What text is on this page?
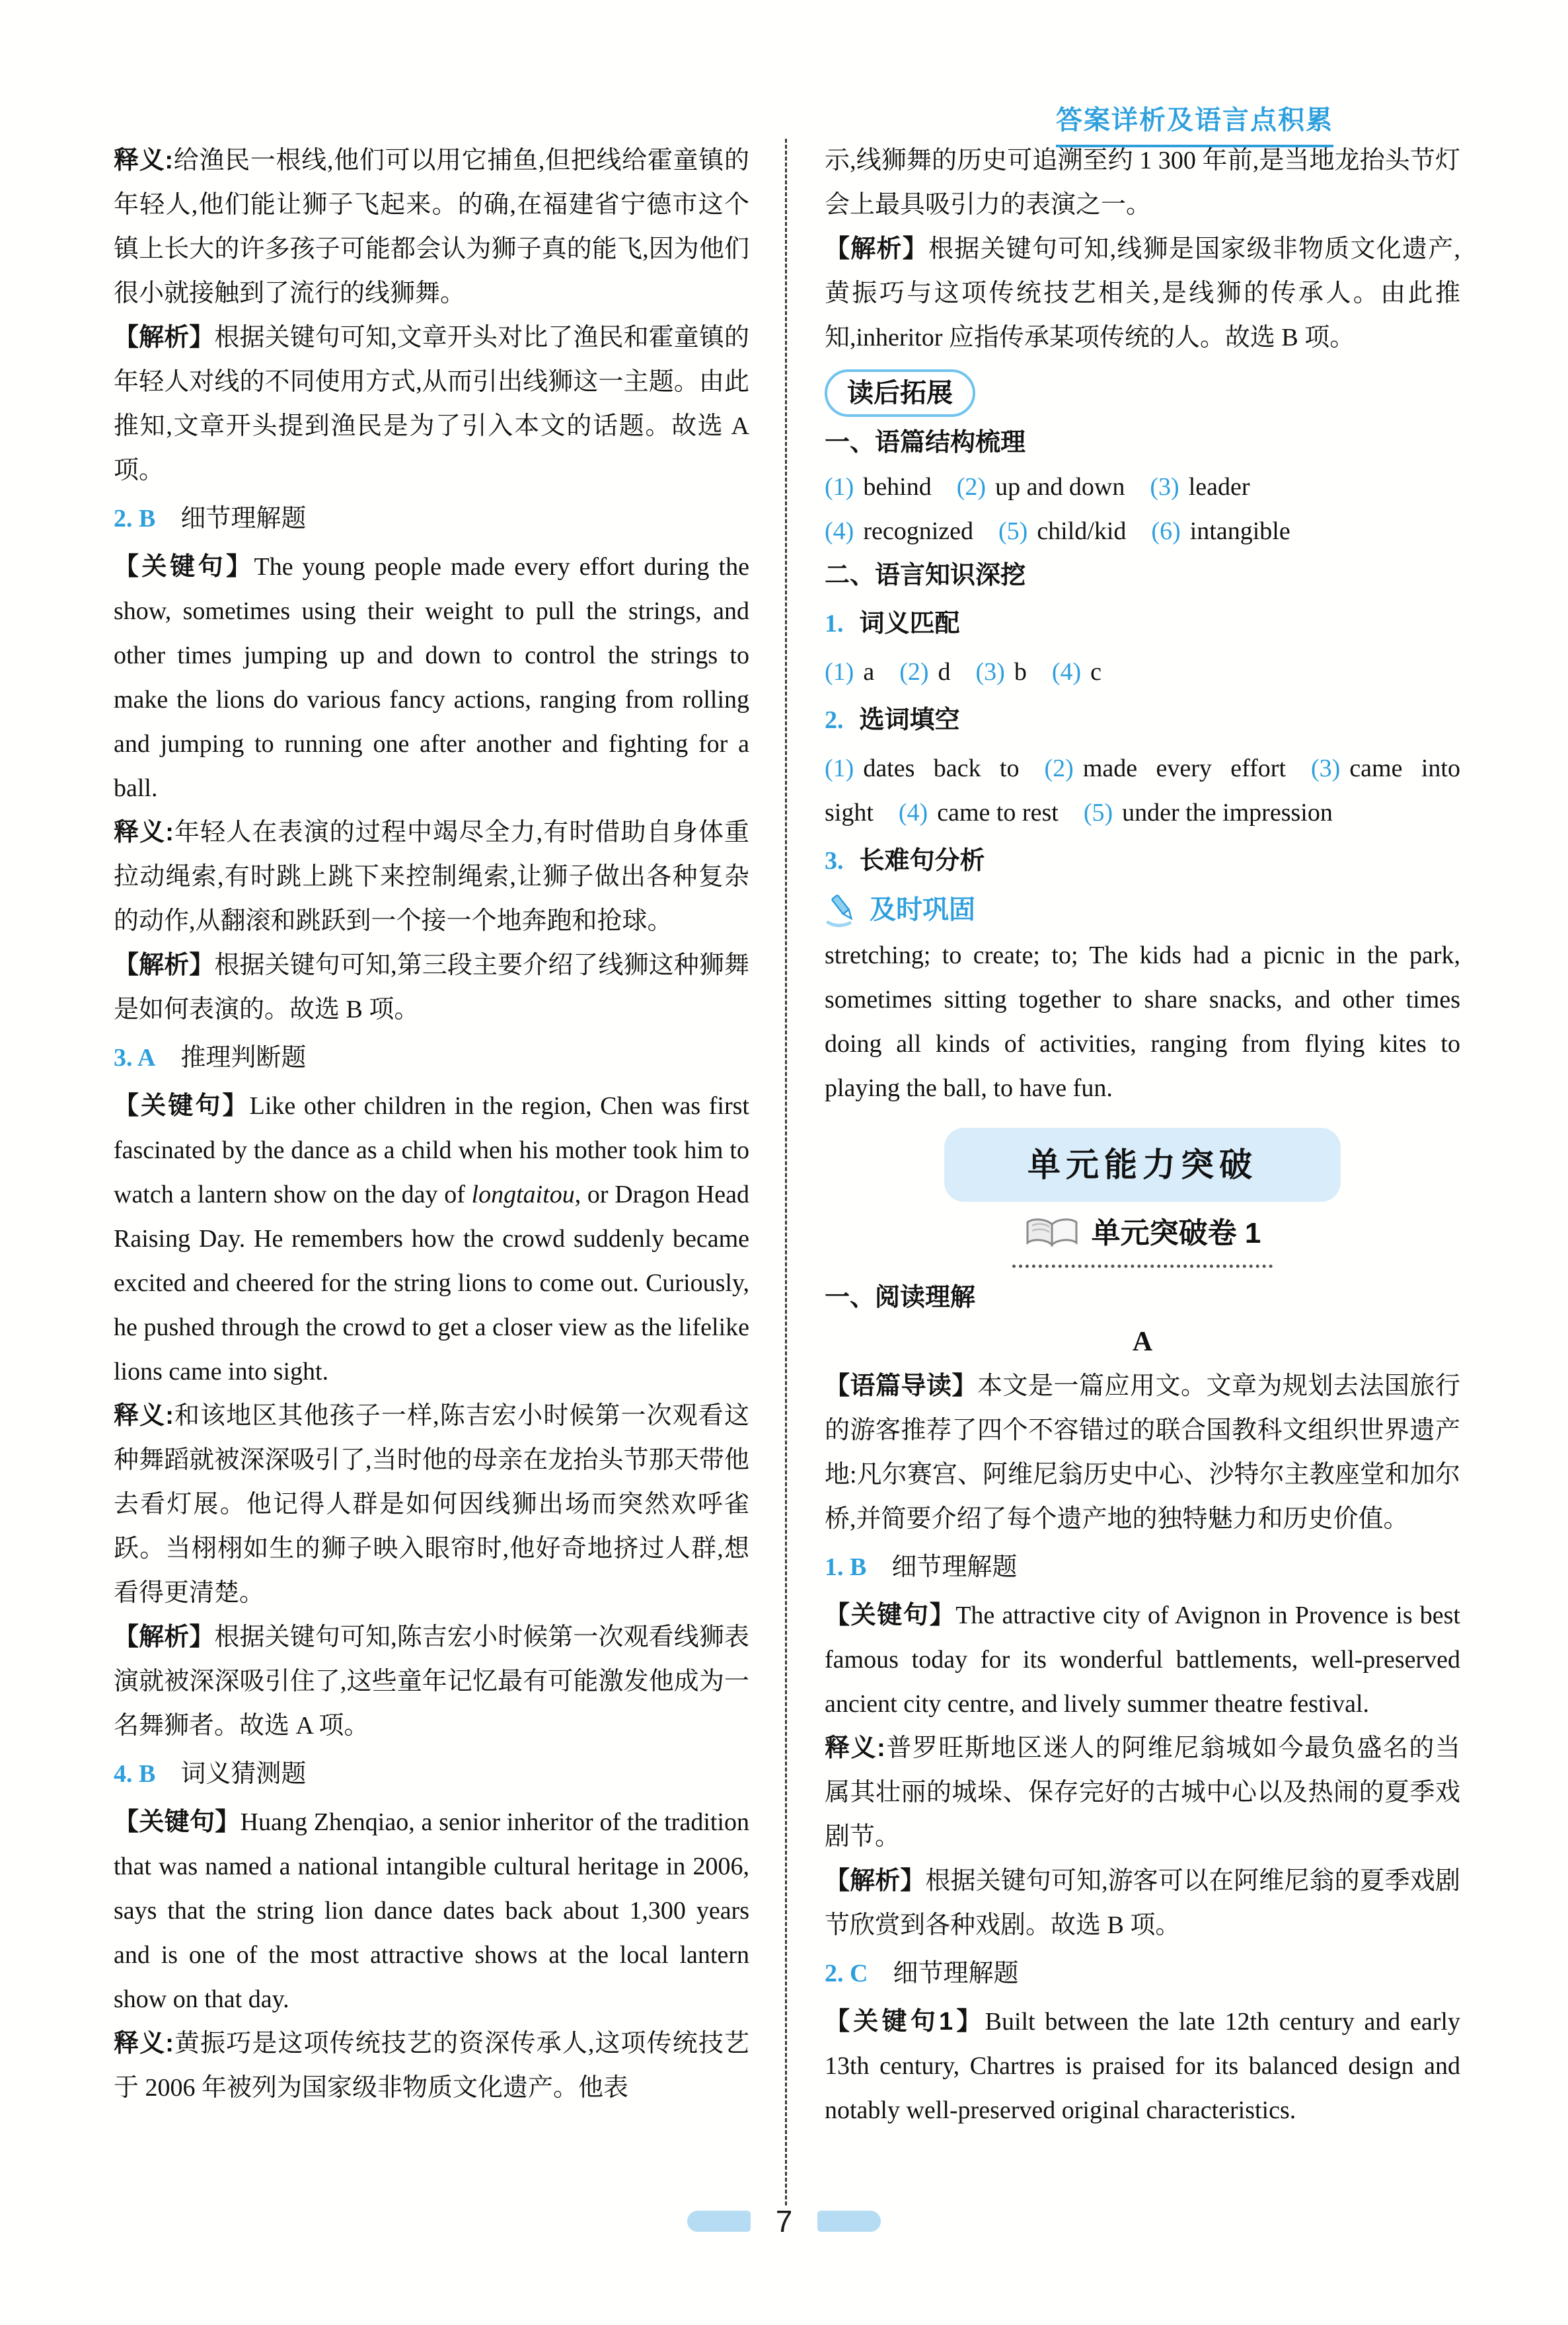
答案详析及语言点积累

释义:给渔民一根线,他们可以用它捕鱼,但把线给霍童镇的年轻人,他们能让狮子飞起来。的确,在福建省宁德市这个镇上长大的许多孩子可能都会认为狮子真的能飞,因为他们很小就接触到了流行的线狮舞。

【解析】根据关键句可知,文章开头对比了渔民和霍童镇的年轻人对线的不同使用方式,从而引出线狮这一主题。由此推知,文章开头提到渔民是为了引入本文的话题。故选 A 项。

2. B 细节理解题

【关键句】The young people made every effort during the show, sometimes using their weight to pull the strings, and other times jumping up and down to control the strings to make the lions do various fancy actions, ranging from rolling and jumping to running one after another and fighting for a ball.

释义:年轻人在表演的过程中竭尽全力,有时借助自身体重拉动绳索,有时跳上跳下来控制绳索,让狮子做出各种复杂的动作,从翻滚和跳跃到一个接一个地奔跑和抢球。

【解析】根据关键句可知,第三段主要介绍了线狮这种狮舞是如何表演的。故选 B 项。

3. A 推理判断题

【关键句】Like other children in the region, Chen was first fascinated by the dance as a child when his mother took him to watch a lantern show on the day of longtaitou, or Dragon Head Raising Day. He remembers how the crowd suddenly became excited and cheered for the string lions to come out. Curiously, he pushed through the crowd to get a closer view as the lifelike lions came into sight.

释义:和该地区其他孩子一样,陈吉宏小时候第一次观看这种舞蹈就被深深吸引了,当时他的母亲在龙抬头节那天带他去看灯展。他记得人群是如何因线狮出场而突然欢呼雀跃。当栩栩如生的狮子映入眼帘时,他好奇地挤过人群,想看得更清楚。

【解析】根据关键句可知,陈吉宏小时候第一次观看线狮表演就被深深吸引住了,这些童年记忆最有可能激发他成为一名舞狮者。故选 A 项。

4. B 词义猜测题

【关键句】Huang Zhenqiao, a senior inheritor of the tradition that was named a national intangible cultural heritage in 2006, says that the string lion dance dates back about 1,300 years and is one of the most attractive shows at the local lantern show on that day.

释义:黄振巧是这项传统技艺的资深传承人,这项传统技艺于 2006 年被列为国家级非物质文化遗产。他表

示,线狮舞的历史可追溯至约 1 300 年前,是当地龙抬头节灯会上最具吸引力的表演之一。

【解析】根据关键句可知,线狮是国家级非物质文化遗产,黄振巧与这项传统技艺相关,是线狮的传承人。由此推知,inheritor 应指传承某项传统的人。故选 B 项。

读后拓展

一、语篇结构梳理

(1) behind (2) up and down (3) leader

(4) recognized (5) child/kid (6) intangible

二、语言知识深挖

1. 词义匹配

(1) a (2) d (3) b (4) c

2. 选词填空

(1) dates back to (2) made every effort (3) came into sight (4) came to rest (5) under the impression

3. 长难句分析

及时巩固

stretching; to create; to; The kids had a picnic in the park, sometimes sitting together to share snacks, and other times doing all kinds of activities, ranging from flying kites to playing the ball, to have fun.

单元能力突破
单元突破卷 1

一、阅读理解

A

【语篇导读】本文是一篇应用文。文章为规划去法国旅行的游客推荐了四个不容错过的联合国教科文组织世界遗产地:凡尔赛宫、阿维尼翁历史中心、沙特尔主教座堂和加尔桥,并简要介绍了每个遗产地的独特魅力和历史价值。

1. B 细节理解题

【关键句】The attractive city of Avignon in Provence is best famous today for its wonderful battlements, well-preserved ancient city centre, and lively summer theatre festival.

释义:普罗旺斯地区迷人的阿维尼翁城如今最负盛名的当属其壮丽的城垛、保存完好的古城中心以及热闹的夏季戏剧节。

【解析】根据关键句可知,游客可以在阿维尼翁的夏季戏剧节欣赏到各种戏剧。故选 B 项。

2. C 细节理解题

【关键句1】Built between the late 12th century and early 13th century, Chartres is praised for its balanced design and notably well-preserved original characteristics.

7
